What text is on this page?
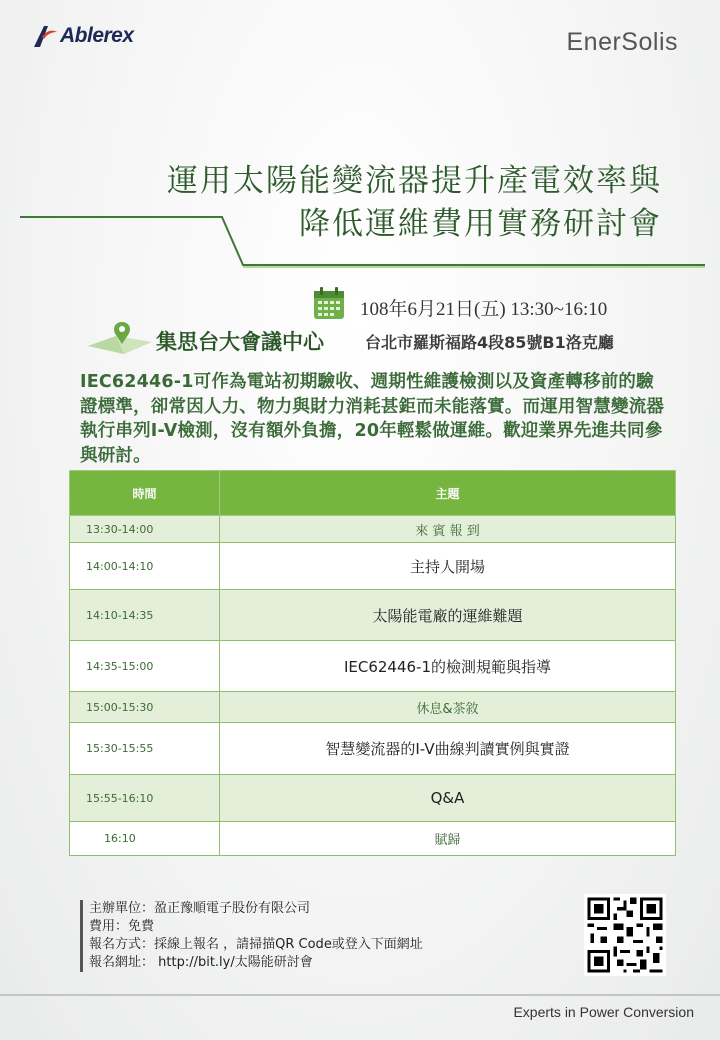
Ablerex	EnerSolis
運用太陽能變流器提升產電效率與
降低運維費用實務研討會
108年6月21日(五) 13:30~16:10
集思台大會議中心	台北市羅斯福路4段85號B1洛克廳
IEC62446-1可作為電站初期驗收、週期性維護檢測以及資產轉移前的驗證標準，卻常因人力、物力與財力消耗甚鉅而未能落實。而運用智慧變流器執行串列I-V檢測，沒有額外負擔，20年輕鬆做運維。歡迎業界先進共同參與研討。
時間	主題
13:30-14:00	來 賓 報 到
14:00-14:10	主持人開場
14:10-14:35	太陽能電廠的運維難題
14:35-15:00	IEC62446-1的檢測規範與指導
15:00-15:30	休息&茶敘
15:30-15:55	智慧變流器的I-V曲線判讀實例與實證
15:55-16:10	Q&A
16:10	賦歸
主辦單位：盈正豫順電子股份有限公司
費用：免費
報名方式：採線上報名 ，請掃描QR Code或登入下面網址
報名網址： http://bit.ly/太陽能研討會
Experts in Power Conversion
